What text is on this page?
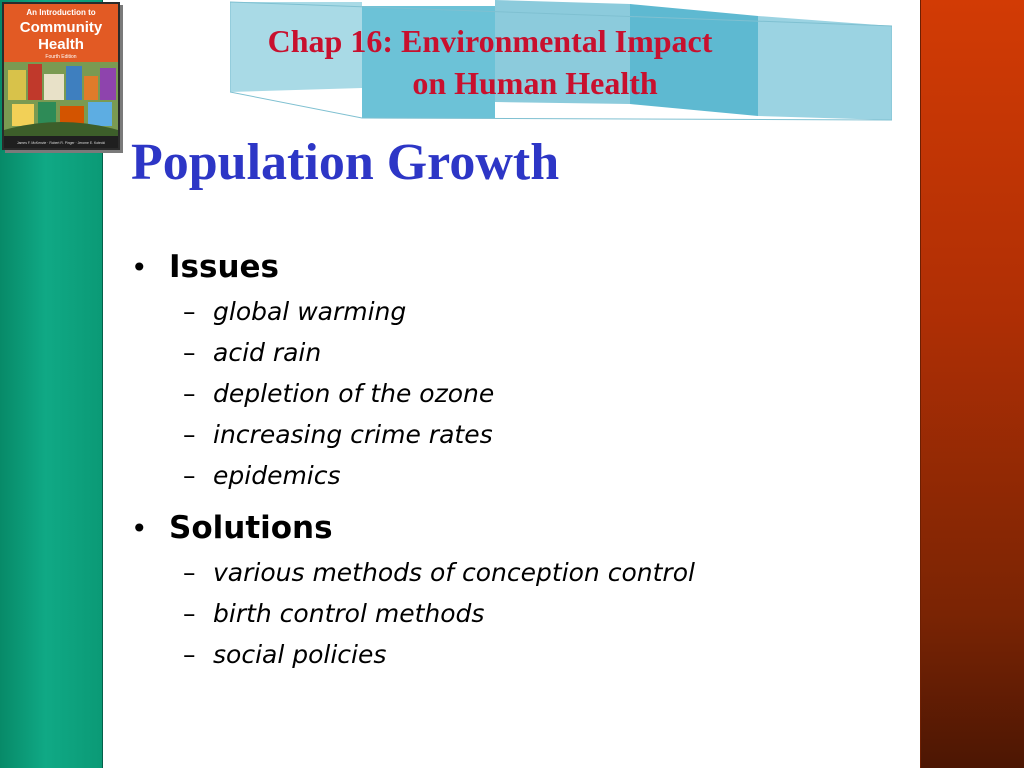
An Introduction to
Community
Health
Fourth Edition
James F. McKenzie · Robert R. Pinger · Jerome E. Kotecki
Chap 16: Environmental Impact
on Human Health
Population Growth
• Issues
– global warming
– acid rain
– depletion of the ozone
– increasing crime rates
– epidemics
• Solutions
– various methods of conception control
– birth control methods
– social policies
